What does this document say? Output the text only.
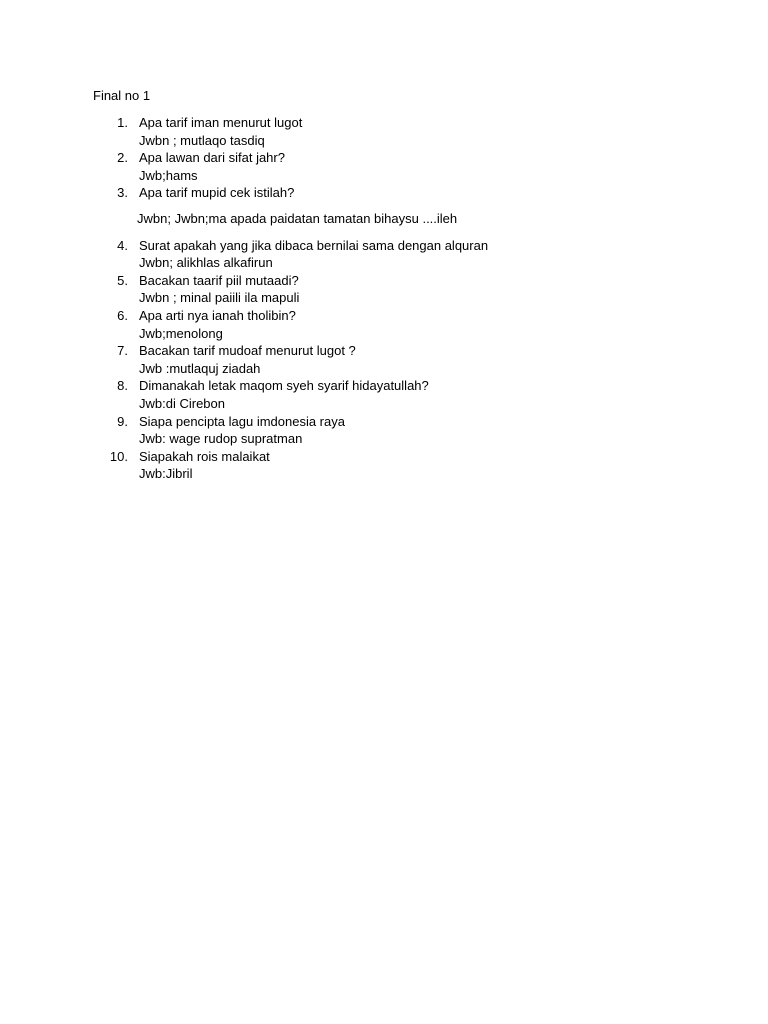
Final no 1
1. Apa tarif iman menurut lugot
Jwbn ; mutlaqo tasdiq
2. Apa lawan dari sifat jahr?
Jwb;hams
3. Apa tarif mupid cek istilah?
Jwbn; Jwbn;ma apada paidatan tamatan bihaysu ....ileh
4. Surat apakah yang jika dibaca bernilai sama dengan alquran
Jwbn; alikhlas alkafirun
5. Bacakan taarif piil mutaadi?
Jwbn ; minal paiili ila mapuli
6. Apa arti nya ianah tholibin?
Jwb;menolong
7. Bacakan tarif mudoaf menurut lugot ?
Jwb :mutlaquj ziadah
8. Dimanakah letak maqom syeh syarif hidayatullah?
Jwb:di Cirebon
9. Siapa pencipta lagu imdonesia raya
Jwb: wage rudop supratman
10. Siapakah rois malaikat
Jwb:Jibril
